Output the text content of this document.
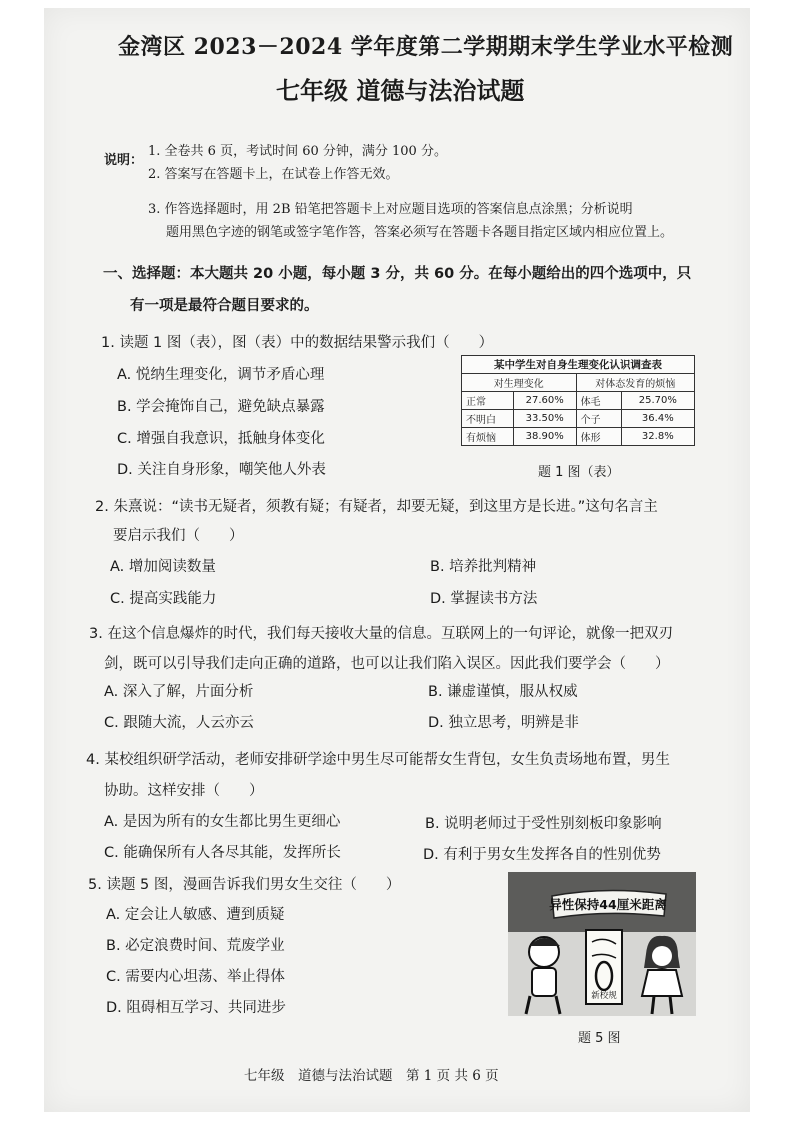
金湾区 2023－2024 学年度第二学期期末学生学业水平检测
七年级 道德与法治试题
说明：
1. 全卷共 6 页，考试时间 60 分钟，满分 100 分。
2. 答案写在答题卡上，在试卷上作答无效。
3. 作答选择题时，用 2B 铅笔把答题卡上对应题目选项的答案信息点涂黑；分析说明
题用黑色字迹的钢笔或签字笔作答，答案必须写在答题卡各题目指定区域内相应位置上。
一、选择题：本大题共 20 小题，每小题 3 分，共 60 分。在每小题给出的四个选项中，只
有一项是最符合题目要求的。
1. 读题 1 图（表），图（表）中的数据结果警示我们（　　）
A. 悦纳生理变化，调节矛盾心理
B. 学会掩饰自己，避免缺点暴露
C. 增强自我意识，抵触身体变化
D. 关注自身形象，嘲笑他人外表
某中学生对自身生理变化认识调查表			
对生理变化		对体态发育的烦恼	
正常	27.60%	体毛	25.70%
不明白	33.50%	个子	36.4%
有烦恼	38.90%	体形	32.8%
题 1 图（表）
2. 朱熹说：“读书无疑者，须教有疑；有疑者，却要无疑，到这里方是长进。”这句名言主
要启示我们（　　）
A. 增加阅读数量	B. 培养批判精神
C. 提高实践能力	D. 掌握读书方法
3. 在这个信息爆炸的时代，我们每天接收大量的信息。互联网上的一句评论，就像一把双刃
剑，既可以引导我们走向正确的道路，也可以让我们陷入误区。因此我们要学会（　　）
A. 深入了解，片面分析	B. 谦虚谨慎，服从权威
C. 跟随大流，人云亦云	D. 独立思考，明辨是非
4. 某校组织研学活动，老师安排研学途中男生尽可能帮女生背包，女生负责场地布置，男生
协助。这样安排（　　）
A. 是因为所有的女生都比男生更细心	B. 说明老师过于受性别刻板印象影响
C. 能确保所有人各尽其能，发挥所长	D. 有利于男女生发挥各自的性别优势
5. 读题 5 图，漫画告诉我们男女生交往（　　）
A. 定会让人敏感、遭到质疑
B. 必定浪费时间、荒废学业
C. 需要内心坦荡、举止得体
D. 阻碍相互学习、共同进步
异性保持44厘米距离
新校规
题 5 图
七年级　道德与法治试题　第 1 页 共 6 页
